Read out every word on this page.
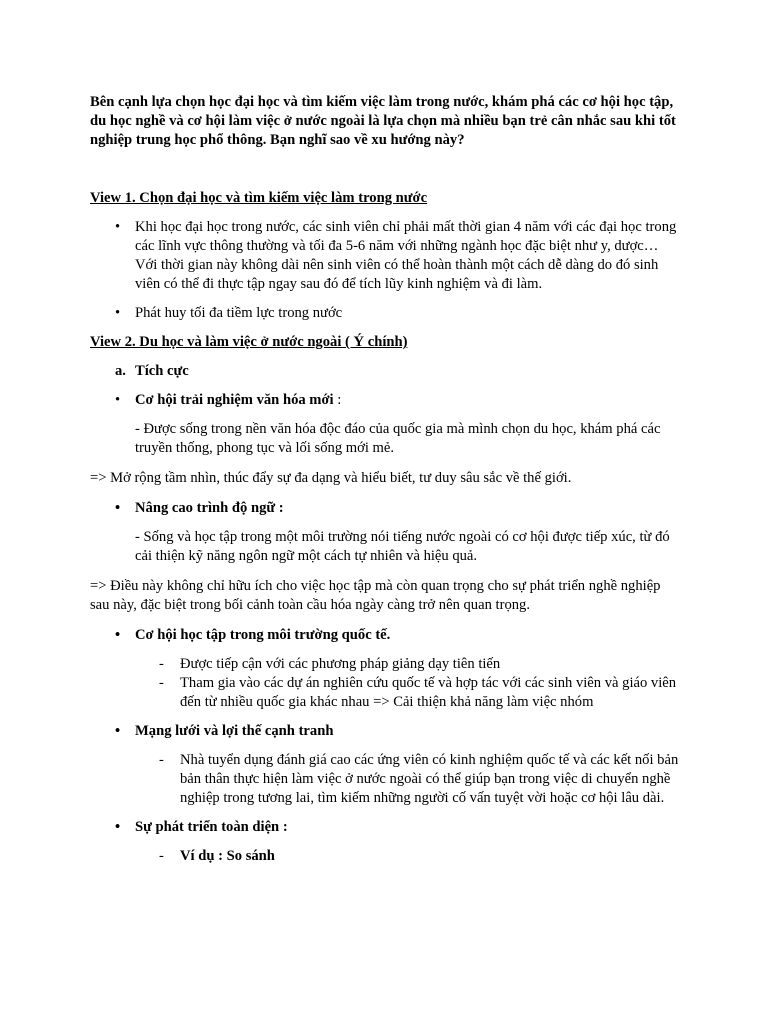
Bên cạnh lựa chọn học đại học và tìm kiếm việc làm trong nước, khám phá các cơ hội học tập, du học nghề và cơ hội làm việc ở nước ngoài là lựa chọn mà nhiều bạn trẻ cân nhắc sau khi tốt nghiệp trung học phổ thông. Bạn nghĩ sao về xu hướng này?

View 1. Chọn đại học và tìm kiếm việc làm trong nước

• Khi học đại học trong nước, các sinh viên chỉ phải mất thời gian 4 năm với các đại học trong các lĩnh vực thông thường và tối đa 5-6 năm với những ngành học đặc biệt như y, dược… Với thời gian này không dài nên sinh viên có thể hoàn thành một cách dễ dàng do đó sinh viên có thể đi thực tập ngay sau đó để tích lũy kinh nghiệm và đi làm.
• Phát huy tối đa tiềm lực trong nước

View 2. Du học và làm việc ở nước ngoài ( Ý chính)

a. Tích cực
• Cơ hội trải nghiệm văn hóa mới :

- Được sống trong nền văn hóa độc đáo của quốc gia mà mình chọn du học, khám phá các truyền thống, phong tục và lối sống mới mẻ.

=> Mở rộng tầm nhìn, thúc đẩy sự đa dạng và hiểu biết, tư duy sâu sắc về thế giới.

• Nâng cao trình độ ngữ :

- Sống và học tập trong một môi trường nói tiếng nước ngoài có cơ hội được tiếp xúc, từ đó cải thiện kỹ năng ngôn ngữ một cách tự nhiên và hiệu quả.

=> Điều này không chỉ hữu ích cho việc học tập mà còn quan trọng cho sự phát triển nghề nghiệp sau này, đặc biệt trong bối cảnh toàn cầu hóa ngày càng trở nên quan trọng.

• Cơ hội học tập trong môi trường quốc tế.
- Được tiếp cận với các phương pháp giảng dạy tiên tiến
- Tham gia vào các dự án nghiên cứu quốc tế và hợp tác với các sinh viên và giáo viên đến từ nhiều quốc gia khác nhau => Cải thiện khả năng làm việc nhóm
• Mạng lưới và lợi thế cạnh tranh
- Nhà tuyển dụng đánh giá cao các ứng viên có kinh nghiệm quốc tế và các kết nối bản bản thân thực hiện làm việc ở nước ngoài có thể giúp bạn trong việc di chuyển nghề nghiệp trong tương lai, tìm kiếm những người cố vấn tuyệt vời hoặc cơ hội lâu dài.
• Sự phát triển toàn diện :
- Ví dụ : So sánh
